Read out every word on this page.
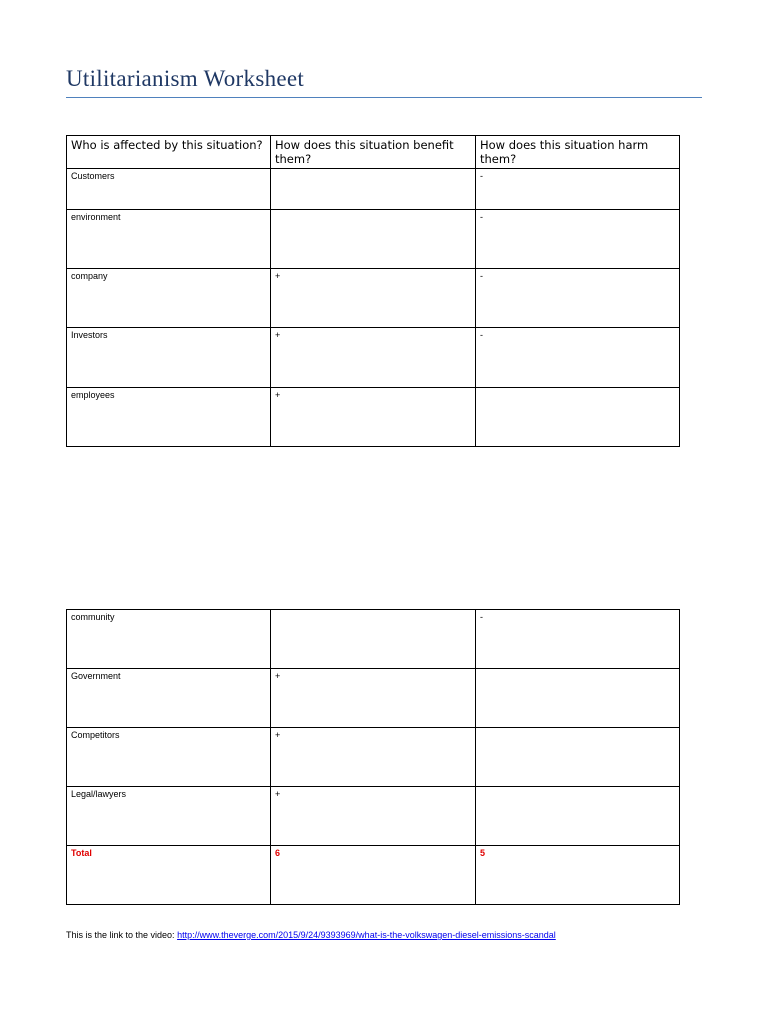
Utilitarianism Worksheet
Who is affected by this situation?	How does this situation benefit them?	How does this situation harm them?
Customers		-
environment		-
company	+	-
Investors	+	-
employees	+	
community		-
Government	+	
Competitors	+	
Legal/lawyers	+	
Total	6	5
This is the link to the video: http://www.theverge.com/2015/9/24/9393969/what-is-the-volkswagen-diesel-emissions-scandal
